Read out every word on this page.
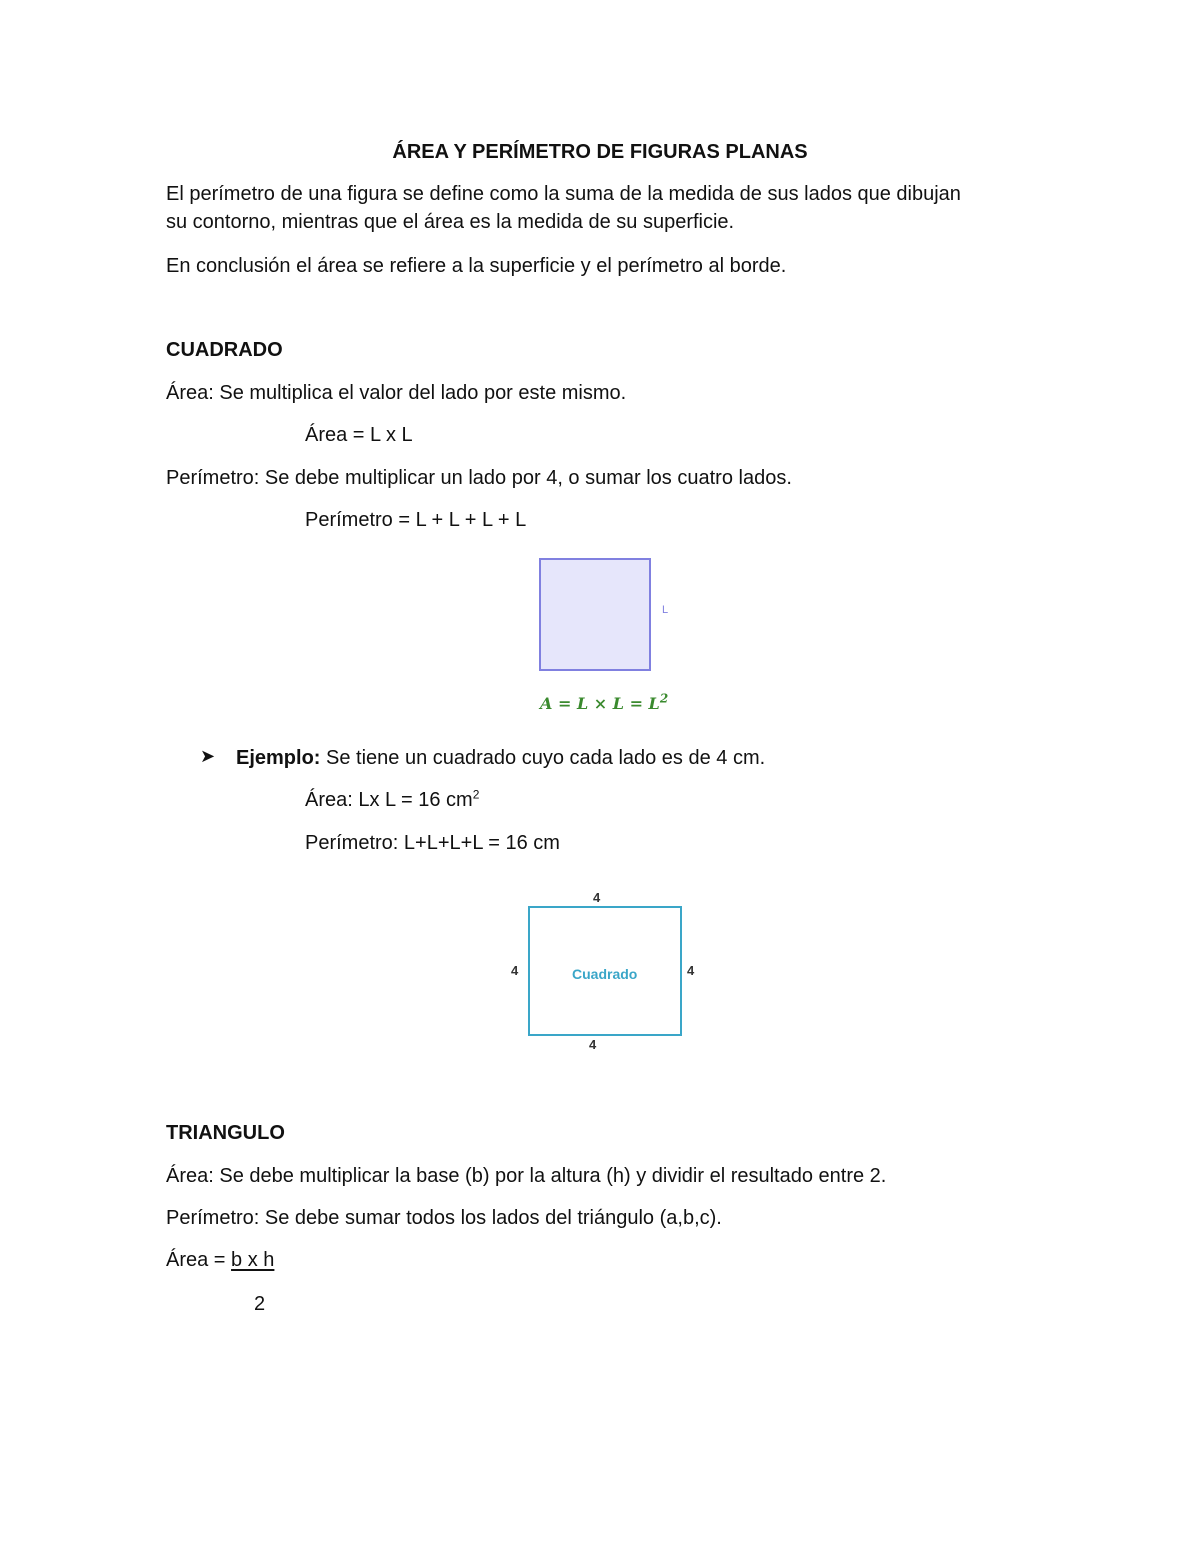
ÁREA Y PERÍMETRO DE FIGURAS PLANAS
El perímetro de una figura se define como la suma de la medida de sus lados que dibujan
su contorno, mientras que el área es la medida de su superficie.
En conclusión el área se refiere a la superficie y el perímetro al borde.
CUADRADO
Área: Se multiplica el valor del lado por este mismo.
Área = L x L
Perímetro: Se debe multiplicar un lado por 4, o sumar los cuatro lados.
Perímetro = L + L + L + L
L
$A = L \times L = L^2$
➤ Ejemplo: Se tiene un cuadrado cuyo cada lado es de 4 cm.
Área: Lx L = 16 $cm^2$
Perímetro: L+L+L+L = 16 cm
4
4
4	4
Cuadrado
TRIANGULO
Área: Se debe multiplicar la base (b) por la altura (h) y dividir el resultado entre 2.
Perímetro: Se debe sumar todos los lados del triángulo (a,b,c).
Área = b x h
2
